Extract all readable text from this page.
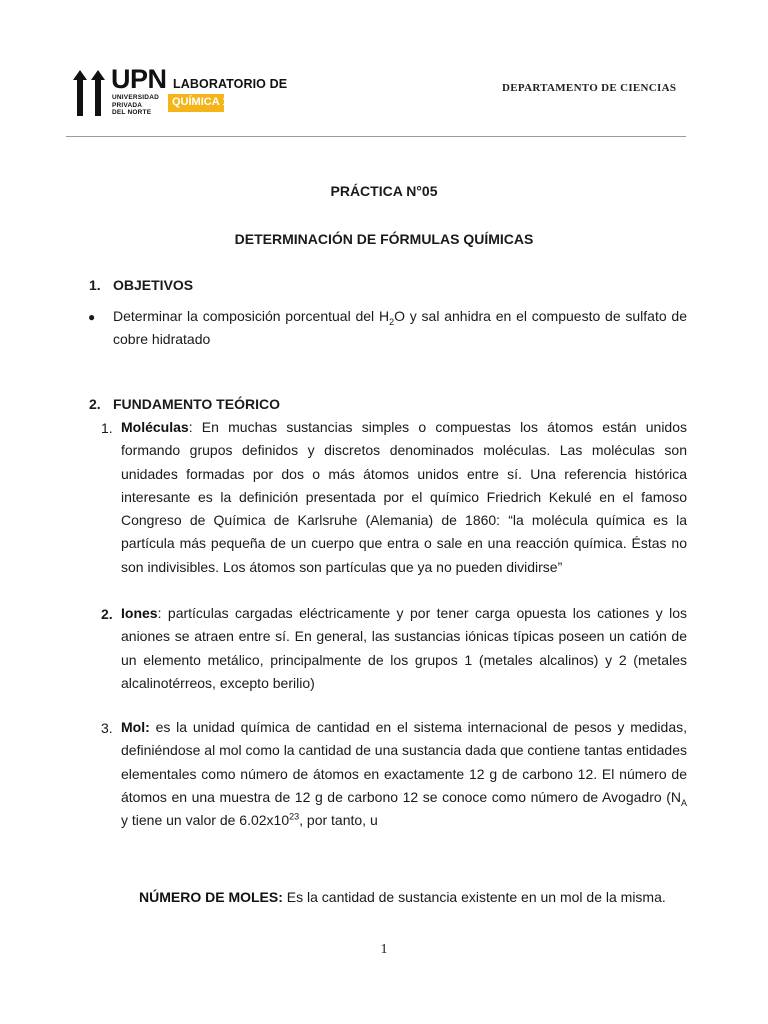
UPN
UNIVERSIDAD
PRIVADA
DEL NORTE
LABORATORIO DE
QUÍMICA 1
DEPARTAMENTO DE CIENCIAS
PRÁCTICA N°05
DETERMINACIÓN DE FÓRMULAS QUÍMICAS
1. OBJETIVOS
● Determinar la composición porcentual del $H_2O$ y sal anhidra en el compuesto de sulfato de cobre hidratado
2. FUNDAMENTO TEÓRICO
1. Moléculas: En muchas sustancias simples o compuestas los átomos están unidos formando grupos definidos y discretos denominados moléculas. Las moléculas son unidades formadas por dos o más átomos unidos entre sí. Una referencia histórica interesante es la definición presentada por el químico Friedrich Kekulé en el famoso Congreso de Química de Karlsruhe (Alemania) de 1860: “la molécula química es la partícula más pequeña de un cuerpo que entra o sale en una reacción química. Éstas no son indivisibles. Los átomos son partículas que ya no pueden dividirse”
2. Iones: partículas cargadas eléctricamente y por tener carga opuesta los cationes y los aniones se atraen entre sí. En general, las sustancias iónicas típicas poseen un catión de un elemento metálico, principalmente de los grupos 1 (metales alcalinos) y 2 (metales alcalinotérreos, excepto berilio)
3. Mol: es la unidad química de cantidad en el sistema internacional de pesos y medidas, definiéndose al mol como la cantidad de una sustancia dada que contiene tantas entidades elementales como número de átomos en exactamente 12 g de carbono 12. El número de átomos en una muestra de 12 g de carbono 12 se conoce como número de Avogadro ($N_A$ y tiene un valor de $6.02x10^{23}$, por tanto, u
NÚMERO DE MOLES: Es la cantidad de sustancia existente en un mol de la misma.
1
